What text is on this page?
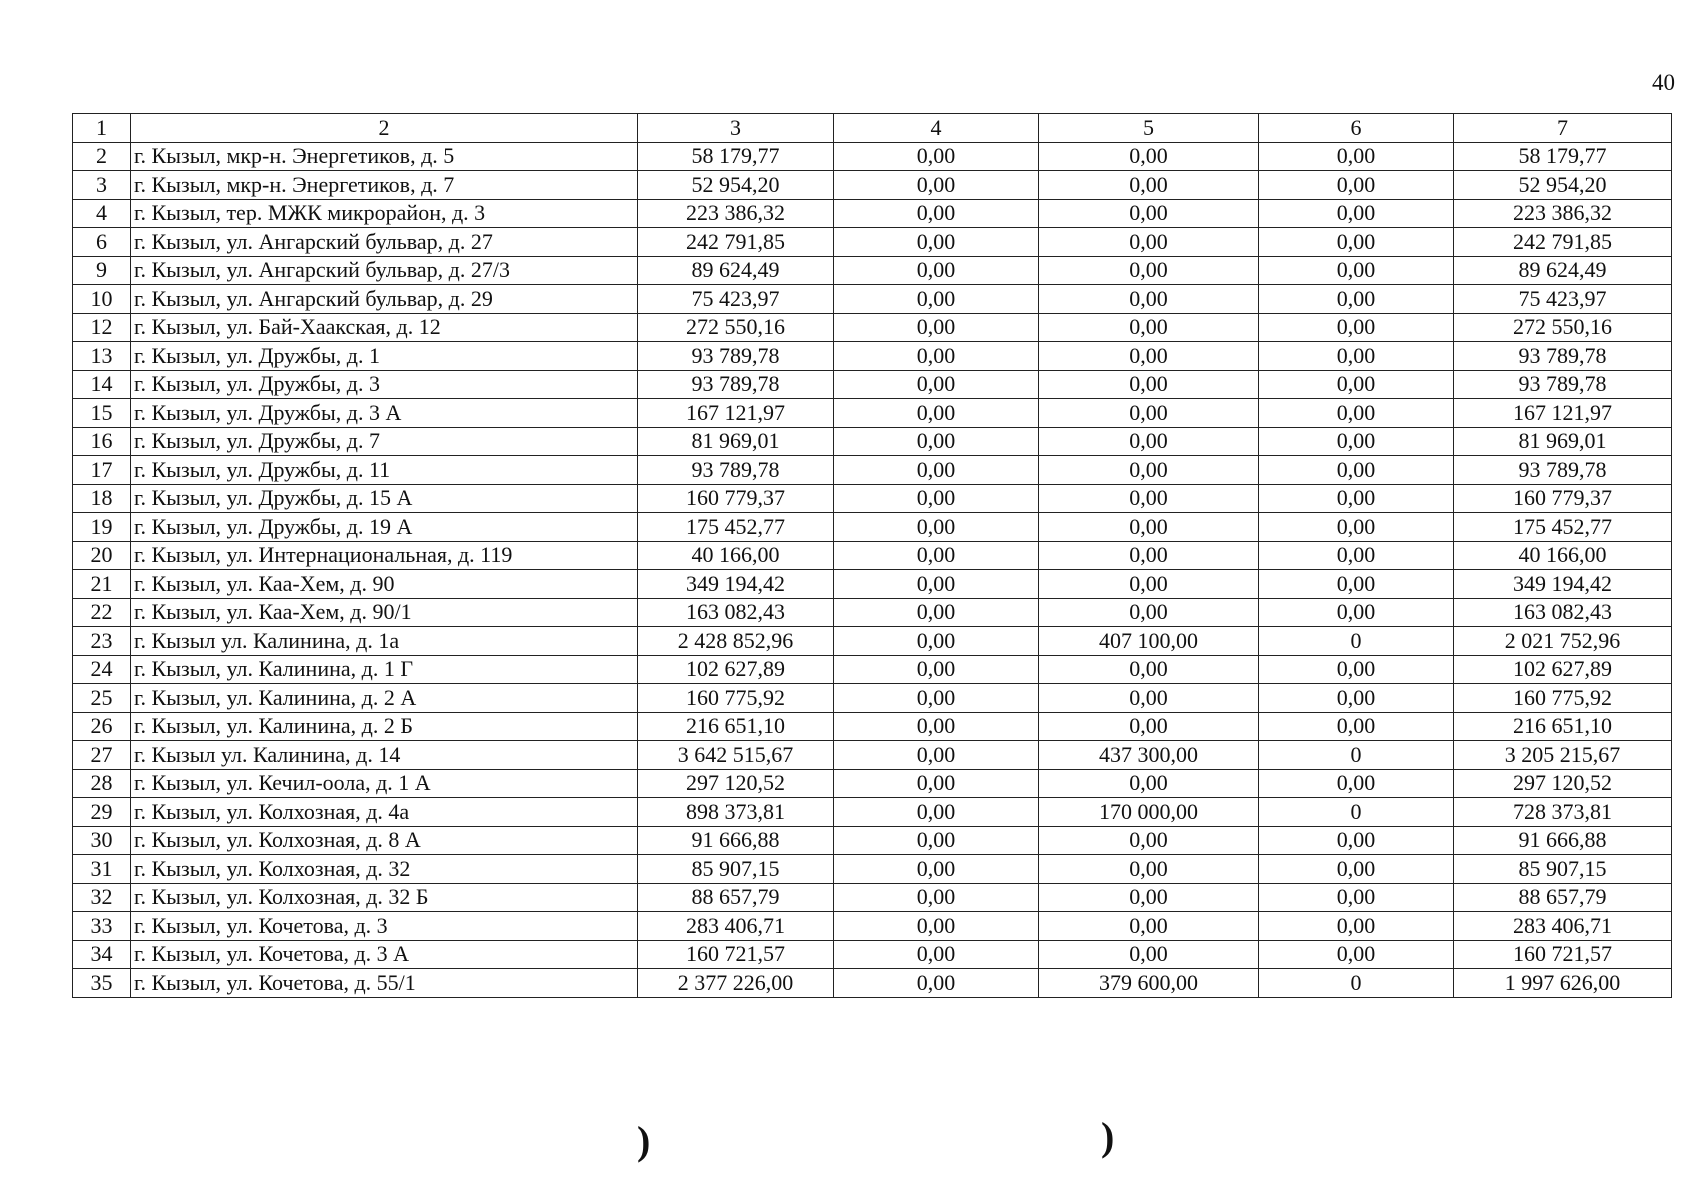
40
1	2	3	4	5	6	7
2	г. Кызыл, мкр-н. Энергетиков, д. 5	58 179,77	0,00	0,00	0,00	58 179,77
3	г. Кызыл, мкр-н. Энергетиков, д. 7	52 954,20	0,00	0,00	0,00	52 954,20
4	г. Кызыл, тер. МЖК микрорайон, д. 3	223 386,32	0,00	0,00	0,00	223 386,32
6	г. Кызыл, ул. Ангарский бульвар, д. 27	242 791,85	0,00	0,00	0,00	242 791,85
9	г. Кызыл, ул. Ангарский бульвар, д. 27/3	89 624,49	0,00	0,00	0,00	89 624,49
10	г. Кызыл, ул. Ангарский бульвар, д. 29	75 423,97	0,00	0,00	0,00	75 423,97
12	г. Кызыл, ул. Бай-Хаакская, д. 12	272 550,16	0,00	0,00	0,00	272 550,16
13	г. Кызыл, ул. Дружбы, д. 1	93 789,78	0,00	0,00	0,00	93 789,78
14	г. Кызыл, ул. Дружбы, д. 3	93 789,78	0,00	0,00	0,00	93 789,78
15	г. Кызыл, ул. Дружбы, д. 3 А	167 121,97	0,00	0,00	0,00	167 121,97
16	г. Кызыл, ул. Дружбы, д. 7	81 969,01	0,00	0,00	0,00	81 969,01
17	г. Кызыл, ул. Дружбы, д. 11	93 789,78	0,00	0,00	0,00	93 789,78
18	г. Кызыл, ул. Дружбы, д. 15 А	160 779,37	0,00	0,00	0,00	160 779,37
19	г. Кызыл, ул. Дружбы, д. 19 А	175 452,77	0,00	0,00	0,00	175 452,77
20	г. Кызыл, ул. Интернациональная, д. 119	40 166,00	0,00	0,00	0,00	40 166,00
21	г. Кызыл, ул. Каа-Хем, д. 90	349 194,42	0,00	0,00	0,00	349 194,42
22	г. Кызыл, ул. Каа-Хем, д. 90/1	163 082,43	0,00	0,00	0,00	163 082,43
23	г. Кызыл ул. Калинина, д. 1а	2 428 852,96	0,00	407 100,00	0	2 021 752,96
24	г. Кызыл, ул. Калинина, д. 1 Г	102 627,89	0,00	0,00	0,00	102 627,89
25	г. Кызыл, ул. Калинина, д. 2 А	160 775,92	0,00	0,00	0,00	160 775,92
26	г. Кызыл, ул. Калинина, д. 2 Б	216 651,10	0,00	0,00	0,00	216 651,10
27	г. Кызыл ул. Калинина, д. 14	3 642 515,67	0,00	437 300,00	0	3 205 215,67
28	г. Кызыл, ул. Кечил-оола, д. 1 А	297 120,52	0,00	0,00	0,00	297 120,52
29	г. Кызыл, ул. Колхозная, д. 4а	898 373,81	0,00	170 000,00	0	728 373,81
30	г. Кызыл, ул. Колхозная, д. 8 А	91 666,88	0,00	0,00	0,00	91 666,88
31	г. Кызыл, ул. Колхозная, д. 32	85 907,15	0,00	0,00	0,00	85 907,15
32	г. Кызыл, ул. Колхозная, д. 32 Б	88 657,79	0,00	0,00	0,00	88 657,79
33	г. Кызыл, ул. Кочетова, д. 3	283 406,71	0,00	0,00	0,00	283 406,71
34	г. Кызыл, ул. Кочетова, д. 3 А	160 721,57	0,00	0,00	0,00	160 721,57
35	г. Кызыл, ул. Кочетова, д. 55/1	2 377 226,00	0,00	379 600,00	0	1 997 626,00
)	)
